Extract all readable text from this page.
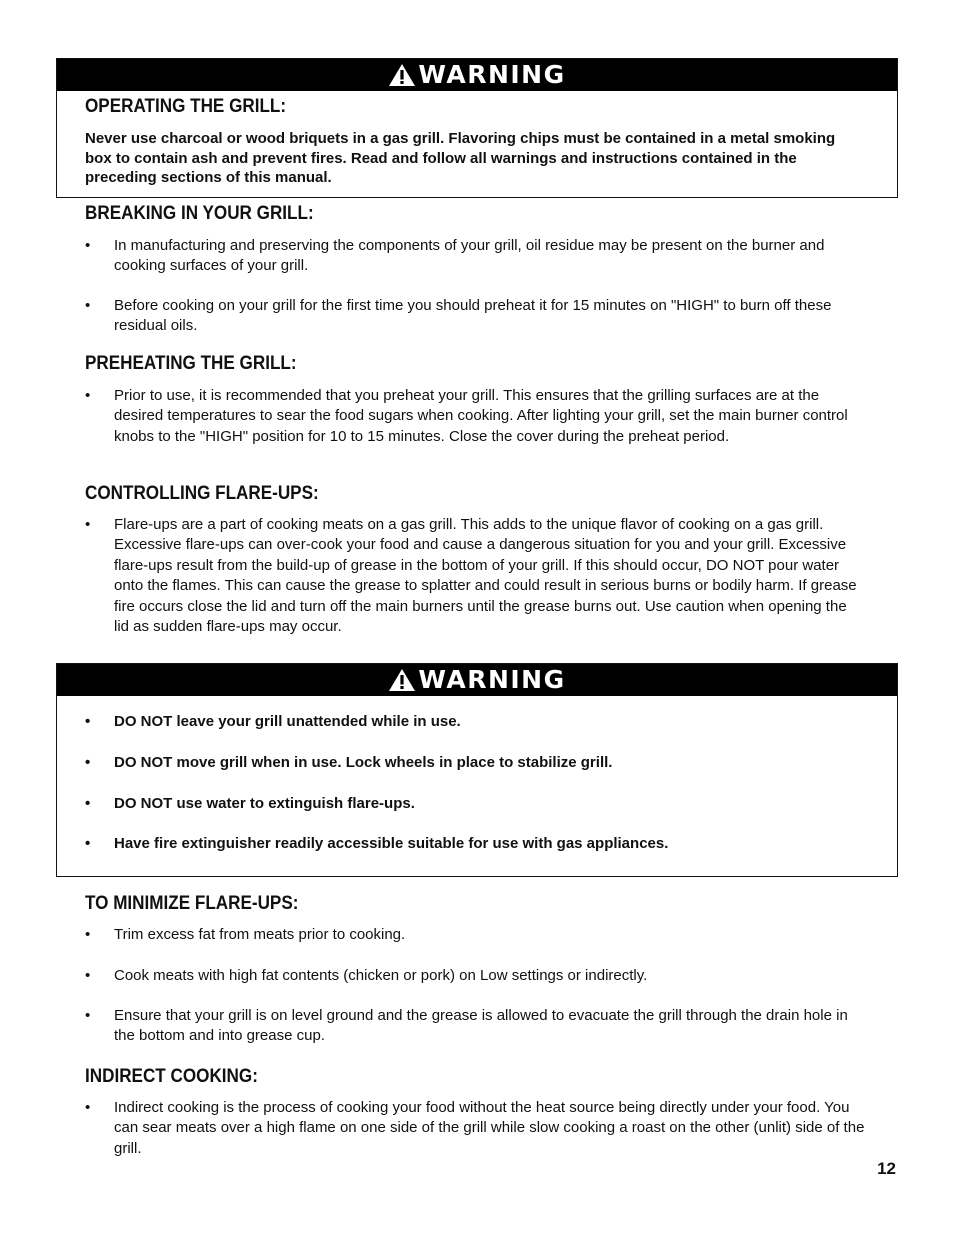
WARNING
OPERATING THE GRILL:

Never use charcoal or wood briquets in a gas grill. Flavoring chips must be contained in a metal smoking box to contain ash and prevent fires. Read and follow all warnings and instructions contained in the preceding sections of this manual.

BREAKING IN YOUR GRILL:
• In manufacturing and preserving the components of your grill, oil residue may be present on the burner and cooking surfaces of your grill.
• Before cooking on your grill for the first time you should preheat it for 15 minutes on "HIGH" to burn off these residual oils.
PREHEATING THE GRILL:
• Prior to use, it is recommended that you preheat your grill. This ensures that the grilling surfaces are at the desired temperatures to sear the food sugars when cooking. After lighting your grill, set the main burner control knobs to the "HIGH" position for 10 to 15 minutes. Close the cover during the preheat period.
CONTROLLING FLARE-UPS:
• Flare-ups are a part of cooking meats on a gas grill. This adds to the unique flavor of cooking on a gas grill. Excessive flare-ups can over-cook your food and cause a dangerous situation for you and your grill. Excessive flare-ups result from the build-up of grease in the bottom of your grill. If this should occur, DO NOT pour water onto the flames. This can cause the grease to splatter and could result in serious burns or bodily harm. If grease fire occurs close the lid and turn off the main burners until the grease burns out. Use caution when opening the lid as sudden flare-ups may occur.
WARNING
• DO NOT leave your grill unattended while in use.
• DO NOT move grill when in use. Lock wheels in place to stabilize grill.
• DO NOT use water to extinguish flare-ups.
• Have fire extinguisher readily accessible suitable for use with gas appliances.
TO MINIMIZE FLARE-UPS:
• Trim excess fat from meats prior to cooking.
• Cook meats with high fat contents (chicken or pork) on Low settings or indirectly.
• Ensure that your grill is on level ground and the grease is allowed to evacuate the grill through the drain hole in the bottom and into grease cup.
INDIRECT COOKING:
• Indirect cooking is the process of cooking your food without the heat source being directly under your food. You can sear meats over a high flame on one side of the grill while slow cooking a roast on the other (unlit) side of the grill.
12
